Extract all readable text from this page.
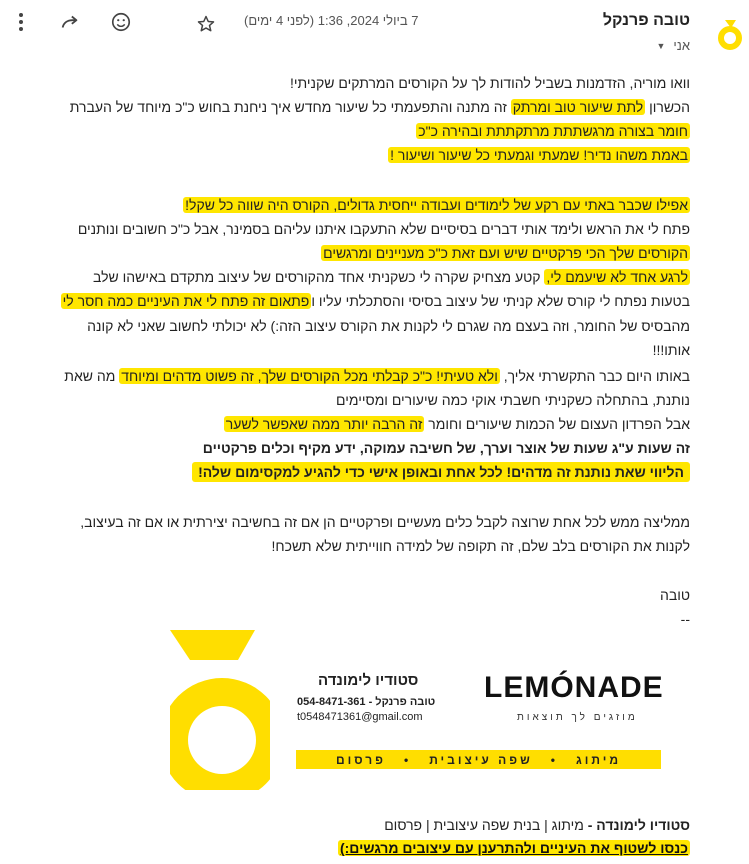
טובה פרנקל
אני
▼
7 ביולי 2024, 1:36 (לפני 4 ימים)
וואו מוריה, הזדמנות בשביל להודות לך על הקורסים המרתקים שקניתי!
הכשרון לתת שיעור טוב ומרתק זה מתנה והתפעמתי כל שיעור מחדש איך ניחנת בחוש כ"כ מיוחד של העברת
חומר בצורה מרגשתתת מרתקתתת ובהירה כ"כ
באמת משהו נדיר! שמעתי וגמעתי כל שיעור ושיעור !
אפילו שכבר באתי עם רקע של לימודים ועבודה ייחסית גדולים, הקורס היה שווה כל שקל!
פתח לי את הראש ולימד אותי דברים בסיסיים שלא התעקבו איתנו עליהם בסמינר, אבל כ"כ חשובים ונותנים
הקורסים שלך הכי פרקטיים שיש ועם זאת כ"כ מעניינים ומרגשים
לרגע אחד לא שיעמם לי, קטע מצחיק שקרה לי כשקניתי אחד מהקורסים של עיצוב מתקדם באישהו שלב
בטעות נפתח לי קורס שלא קניתי של עיצוב בסיסי והסתכלתי עליו ופתאום זה פתח לי את העיניים כמה חסר לי
מהבסיס של החומר, וזה בעצם מה שגרם לי לקנות את הקורס עיצוב הזה:) לא יכולתי לחשוב שאני לא קונה
אותו!!!
באותו היום כבר התקשרתי אליך, ולא טעיתי! כ"כ קבלתי מכל הקורסים שלך, זה פשוט מדהים ומיוחד מה שאת
נותנת, בהתחלה כשקניתי חשבתי אוקי כמה שיעורים ומסיימים
אבל הפרדון העצום של הכמות שיעורים וחומר זה הרבה יותר ממה שאפשר לשער
זה שעות ע"ג שעות של אוצר וערך, של חשיבה עמוקה, ידע מקיף וכלים פרקטיים
הליווי שאת נותנת זה מדהים! לכל אחת ובאופן אישי כדי להגיע למקסימום שלה!
ממליצה ממש לכל אחת שרוצה לקבל כלים מעשיים ופרקטיים הן אם זה בחשיבה יצירתית או אם זה בעיצוב,
לקנות את הקורסים בלב שלם, זה תקופה של למידה חווייתית שלא תשכח!
טובה
--
סטודיו לימונדה
טובה פרנקל - 054-8471-361
t0548471361@gmail.com
LEMÓNADE
מוזגים לך תוצאות
מיתוג
•
שפה עיצובית
•
פרסום
סטודיו לימונדה - מיתוג | בנית שפה עיצובית | פרסום
כנסו לשטוף את העיניים ולהתרענן עם עיצובים מרגשים:)
